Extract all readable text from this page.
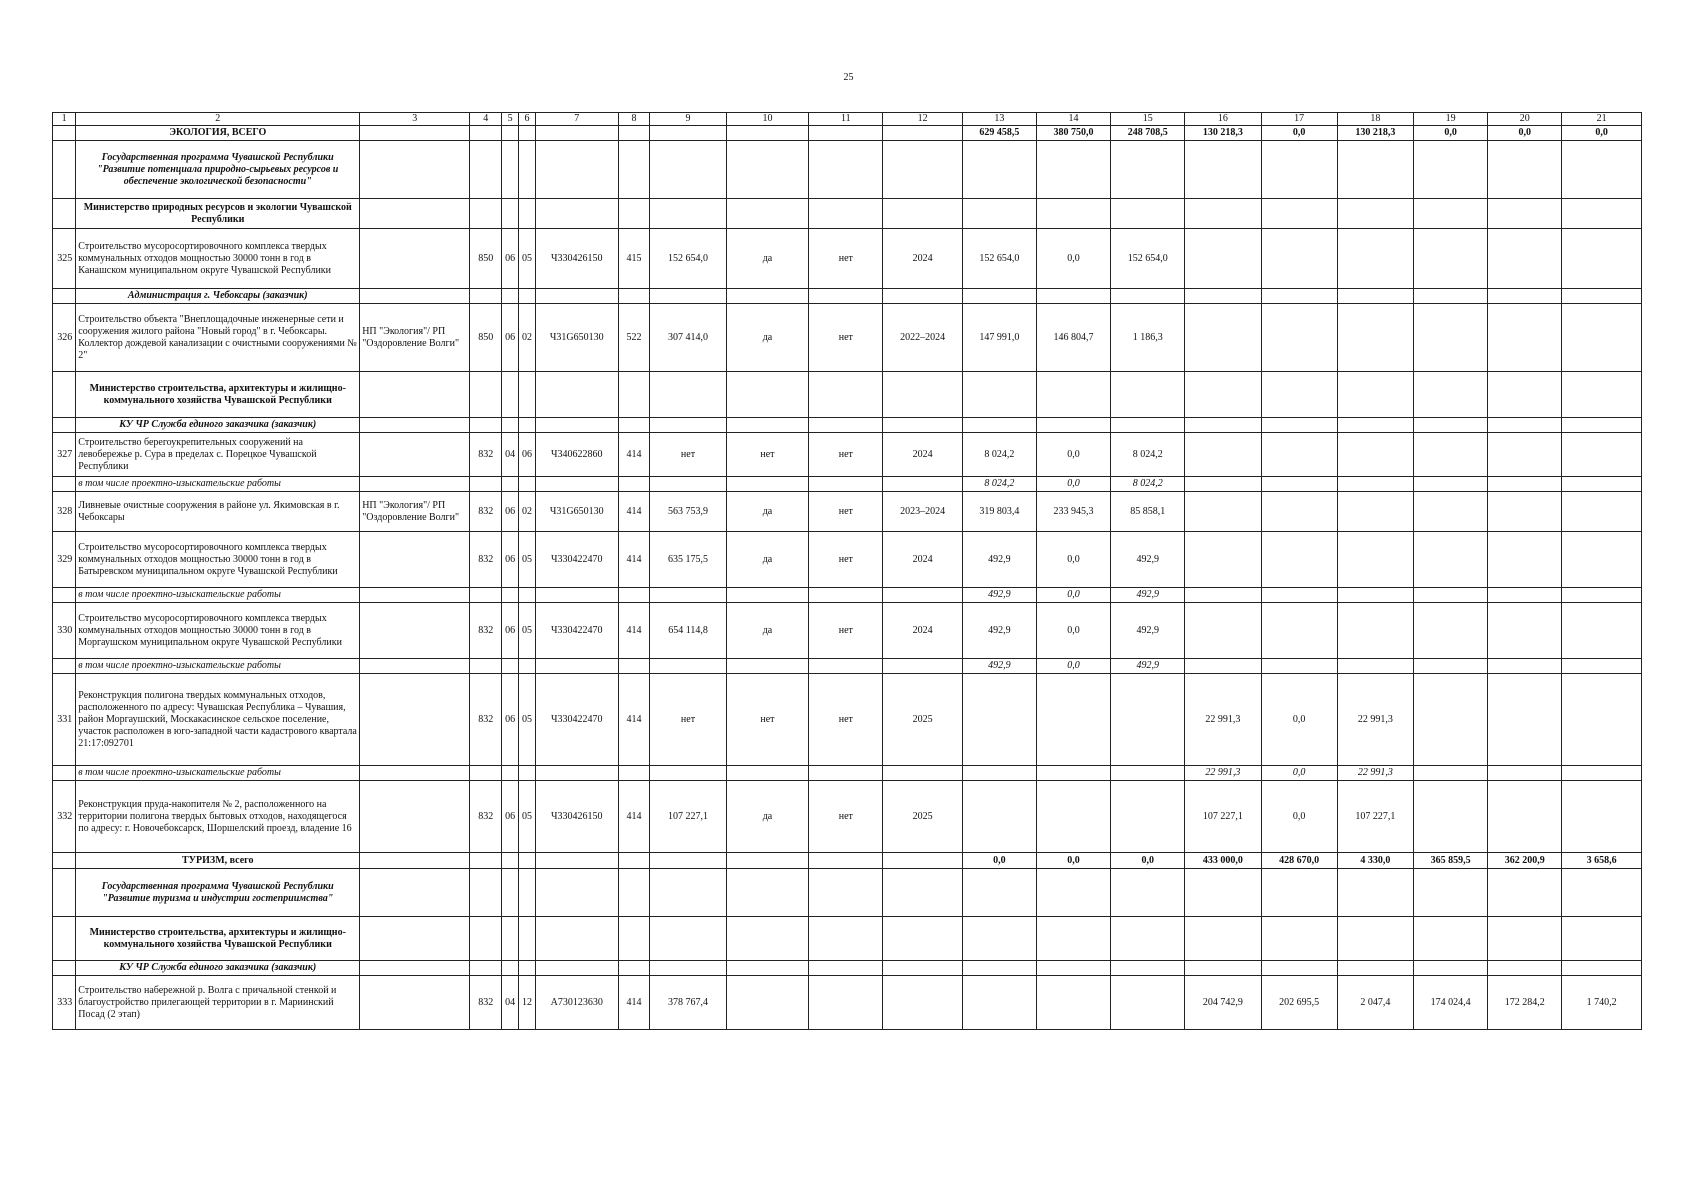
25
1	2	3	4	5	6	7	8	9	10	11	12	13	14	15	16	17	18	19	20	21
	ЭКОЛОГИЯ, ВСЕГО											629 458,5	380 750,0	248 708,5	130 218,3	0,0	130 218,3	0,0	0,0	0,0
	Государственная программа Чувашской Республики "Развитие потенциала природно-сырьевых ресурсов и обеспечение экологической безопасности"																			
	Министерство природных ресурсов и экологии Чувашской Республики																			
325	Строительство мусоросортировочного комплекса твердых коммунальных отходов мощностью 30000 тонн в год в Канашском муниципальном округе Чувашской Республики		850	06	05	Ч330426150	415	152 654,0	да	нет	2024	152 654,0	0,0	152 654,0						
	Администрация г. Чебоксары (заказчик)																			
326	Строительство объекта "Внеплощадочные инженерные сети и сооружения жилого района "Новый город" в г. Чебоксары. Коллектор дождевой канализации с очистными сооружениями № 2"	НП "Экология"/ РП "Оздоровление Волги"	850	06	02	Ч31G650130	522	307 414,0	да	нет	2022–2024	147 991,0	146 804,7	1 186,3						
	Министерство строительства, архитектуры и жилищно-коммунального хозяйства Чувашской Республики																			
	КУ ЧР Служба единого заказчика (заказчик)																			
327	Строительство берегоукрепительных сооружений на левобережье р. Сура в пределах с. Порецкое Чувашской Республики		832	04	06	Ч340622860	414	нет	нет	нет	2024	8 024,2	0,0	8 024,2						
	в том числе проектно-изыскательские работы											8 024,2	0,0	8 024,2						
328	Ливневые очистные сооружения в районе ул. Якимовская в г. Чебоксары	НП "Экология"/ РП "Оздоровление Волги"	832	06	02	Ч31G650130	414	563 753,9	да	нет	2023–2024	319 803,4	233 945,3	85 858,1						
329	Строительство мусоросортировочного комплекса твердых коммунальных отходов мощностью 30000 тонн в год в Батыревском муниципальном округе Чувашской Республики		832	06	05	Ч330422470	414	635 175,5	да	нет	2024	492,9	0,0	492,9						
	в том числе проектно-изыскательские работы											492,9	0,0	492,9						
330	Строительство мусоросортировочного комплекса твердых коммунальных отходов мощностью 30000 тонн в год в Моргаушском муниципальном округе Чувашской Республики		832	06	05	Ч330422470	414	654 114,8	да	нет	2024	492,9	0,0	492,9						
	в том числе проектно-изыскательские работы											492,9	0,0	492,9						
331	Реконструкция полигона твердых коммунальных отходов, расположенного по адресу: Чувашская Республика – Чувашия, район Моргаушский, Москакасинское сельское поселение, участок расположен в юго-западной части кадастрового квартала 21:17:092701		832	06	05	Ч330422470	414	нет	нет	нет	2025				22 991,3	0,0	22 991,3			
	в том числе проектно-изыскательские работы														22 991,3	0,0	22 991,3			
332	Реконструкция пруда-накопителя № 2, расположенного на территории полигона твердых бытовых отходов, находящегося по адресу: г. Новочебоксарск, Шоршелский проезд, владение 16		832	06	05	Ч330426150	414	107 227,1	да	нет	2025				107 227,1	0,0	107 227,1			
	ТУРИЗМ, всего											0,0	0,0	0,0	433 000,0	428 670,0	4 330,0	365 859,5	362 200,9	3 658,6
	Государственная программа Чувашской Республики "Развитие туризма и индустрии гостеприимства"																			
	Министерство строительства, архитектуры и жилищно-коммунального хозяйства Чувашской Республики																			
	КУ ЧР Служба единого заказчика (заказчик)																			
333	Строительство набережной р. Волга с причальной стенкой и благоустройство прилегающей территории в г. Мариинский Посад (2 этап)		832	04	12	А730123630	414	378 767,4							204 742,9	202 695,5	2 047,4	174 024,4	172 284,2	1 740,2
